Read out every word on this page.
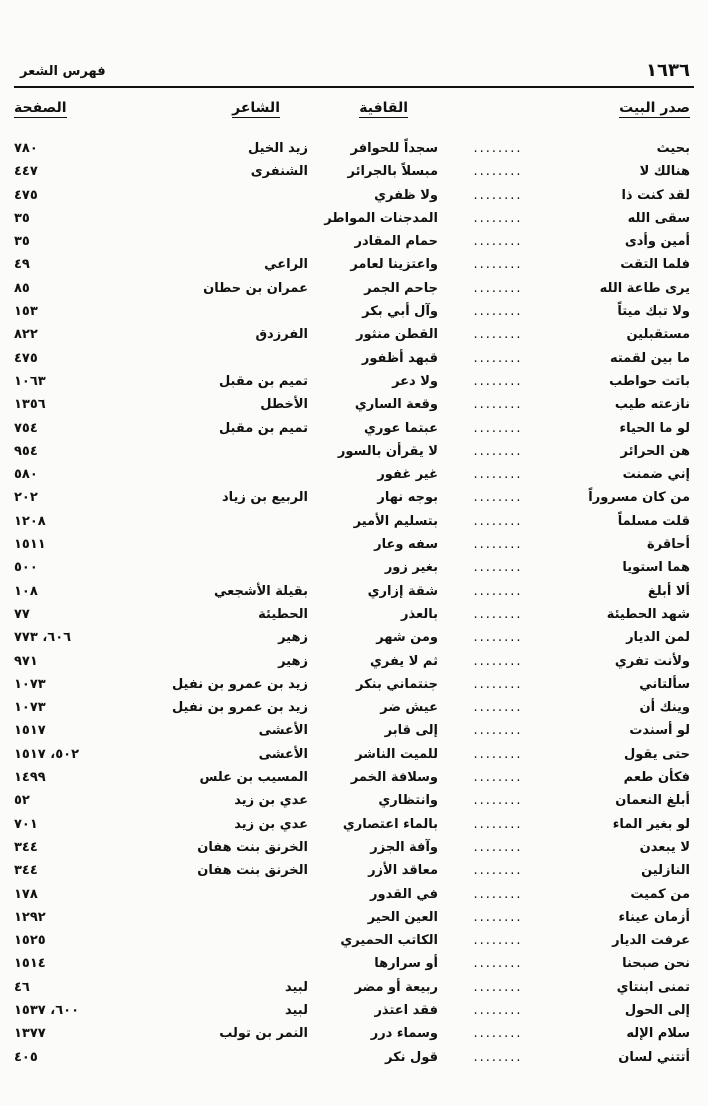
١٦٣٦
فهرس الشعر
صدر البيت
القافية
الشاعر
الصفحة
بحيث
........
سجداً للحوافر
زيد الخيل
٧٨٠
هنالك لا
........
مبسلاً بالجرائر
الشنفرى
٤٤٧
لقد كنت ذا
........
ولا ظفري
٤٧٥
سقى الله
........
المدجنات المواطر
٣٥
أمين وأدى
........
حمام المقادر
٣٥
فلما التقت
........
واعتزينا لعامر
الراعي
٤٩
يرى طاعة الله
........
جاحم الجمر
عمران بن حطان
٨٥
ولا تبك ميتاً
........
وآل أبي بكر
١٥٣
مستقبلين
........
القطن منثور
الفرزدق
٨٢٢
ما بين لقمته
........
قبهد أظفور
٤٧٥
باتت حواطب
........
ولا دعر
تميم بن مقبل
١٠٦٣
نازعته طيب
........
وقعة الساري
الأخطل
١٣٥٦
لو ما الحياء
........
عبتما عوري
تميم بن مقبل
٧٥٤
هن الحرائر
........
لا يقرأن بالسور
٩٥٤
إني ضمنت
........
غير غفور
٥٨٠
من كان مسروراً
........
بوجه نهار
الربيع بن زياد
٢٠٢
قلت مسلماً
........
بتسليم الأمير
١٢٠٨
أحاقرة
........
سفه وعار
١٥١١
هما استويا
........
بغير زور
٥٠٠
ألا أبلغ
........
شقة إزاري
بقيلة الأشجعي
١٠٨
شهد الحطيئة
........
بالعذر
الحطيئة
٧٧
لمن الديار
........
ومن شهر
زهير
٦٠٦، ٧٧٣
ولأنت تفري
........
ثم لا يفري
زهير
٩٧١
سألتاني
........
جنتماني بنكر
زيد بن عمرو بن نفيل
١٠٧٣
وينك أن
........
عيش ضر
زيد بن عمرو بن نفيل
١٠٧٣
لو أسندت
........
إلى قابر
الأعشى
١٥١٧
حتى يقول
........
للميت الناشر
الأعشى
٥٠٢، ١٥١٧
فكأن طعم
........
وسلافة الخمر
المسيب بن علس
١٤٩٩
أبلغ النعمان
........
وانتظاري
عدي بن زيد
٥٢
لو بغير الماء
........
بالماء اعتصاري
عدي بن زيد
٧٠١
لا يبعدن
........
وآفة الجزر
الخرنق بنت هفان
٣٤٤
النازلين
........
معاقد الأزر
الخرنق بنت هفان
٣٤٤
من كميت
........
في القدور
١٧٨
أزمان عيناء
........
العين الحير
١٢٩٢
عرفت الديار
........
الكاتب الحميري
١٥٢٥
نحن صبحنا
........
أو سرارها
١٥١٤
تمنى ابنتاي
........
ربيعة أو مضر
لبيد
٤٦
إلى الحول
........
فقد اعتذر
لبيد
٦٠٠، ١٥٣٧
سلام الإله
........
وسماء درر
النمر بن تولب
١٣٧٧
أتتني لسان
........
قول نكر
٤٠٥
